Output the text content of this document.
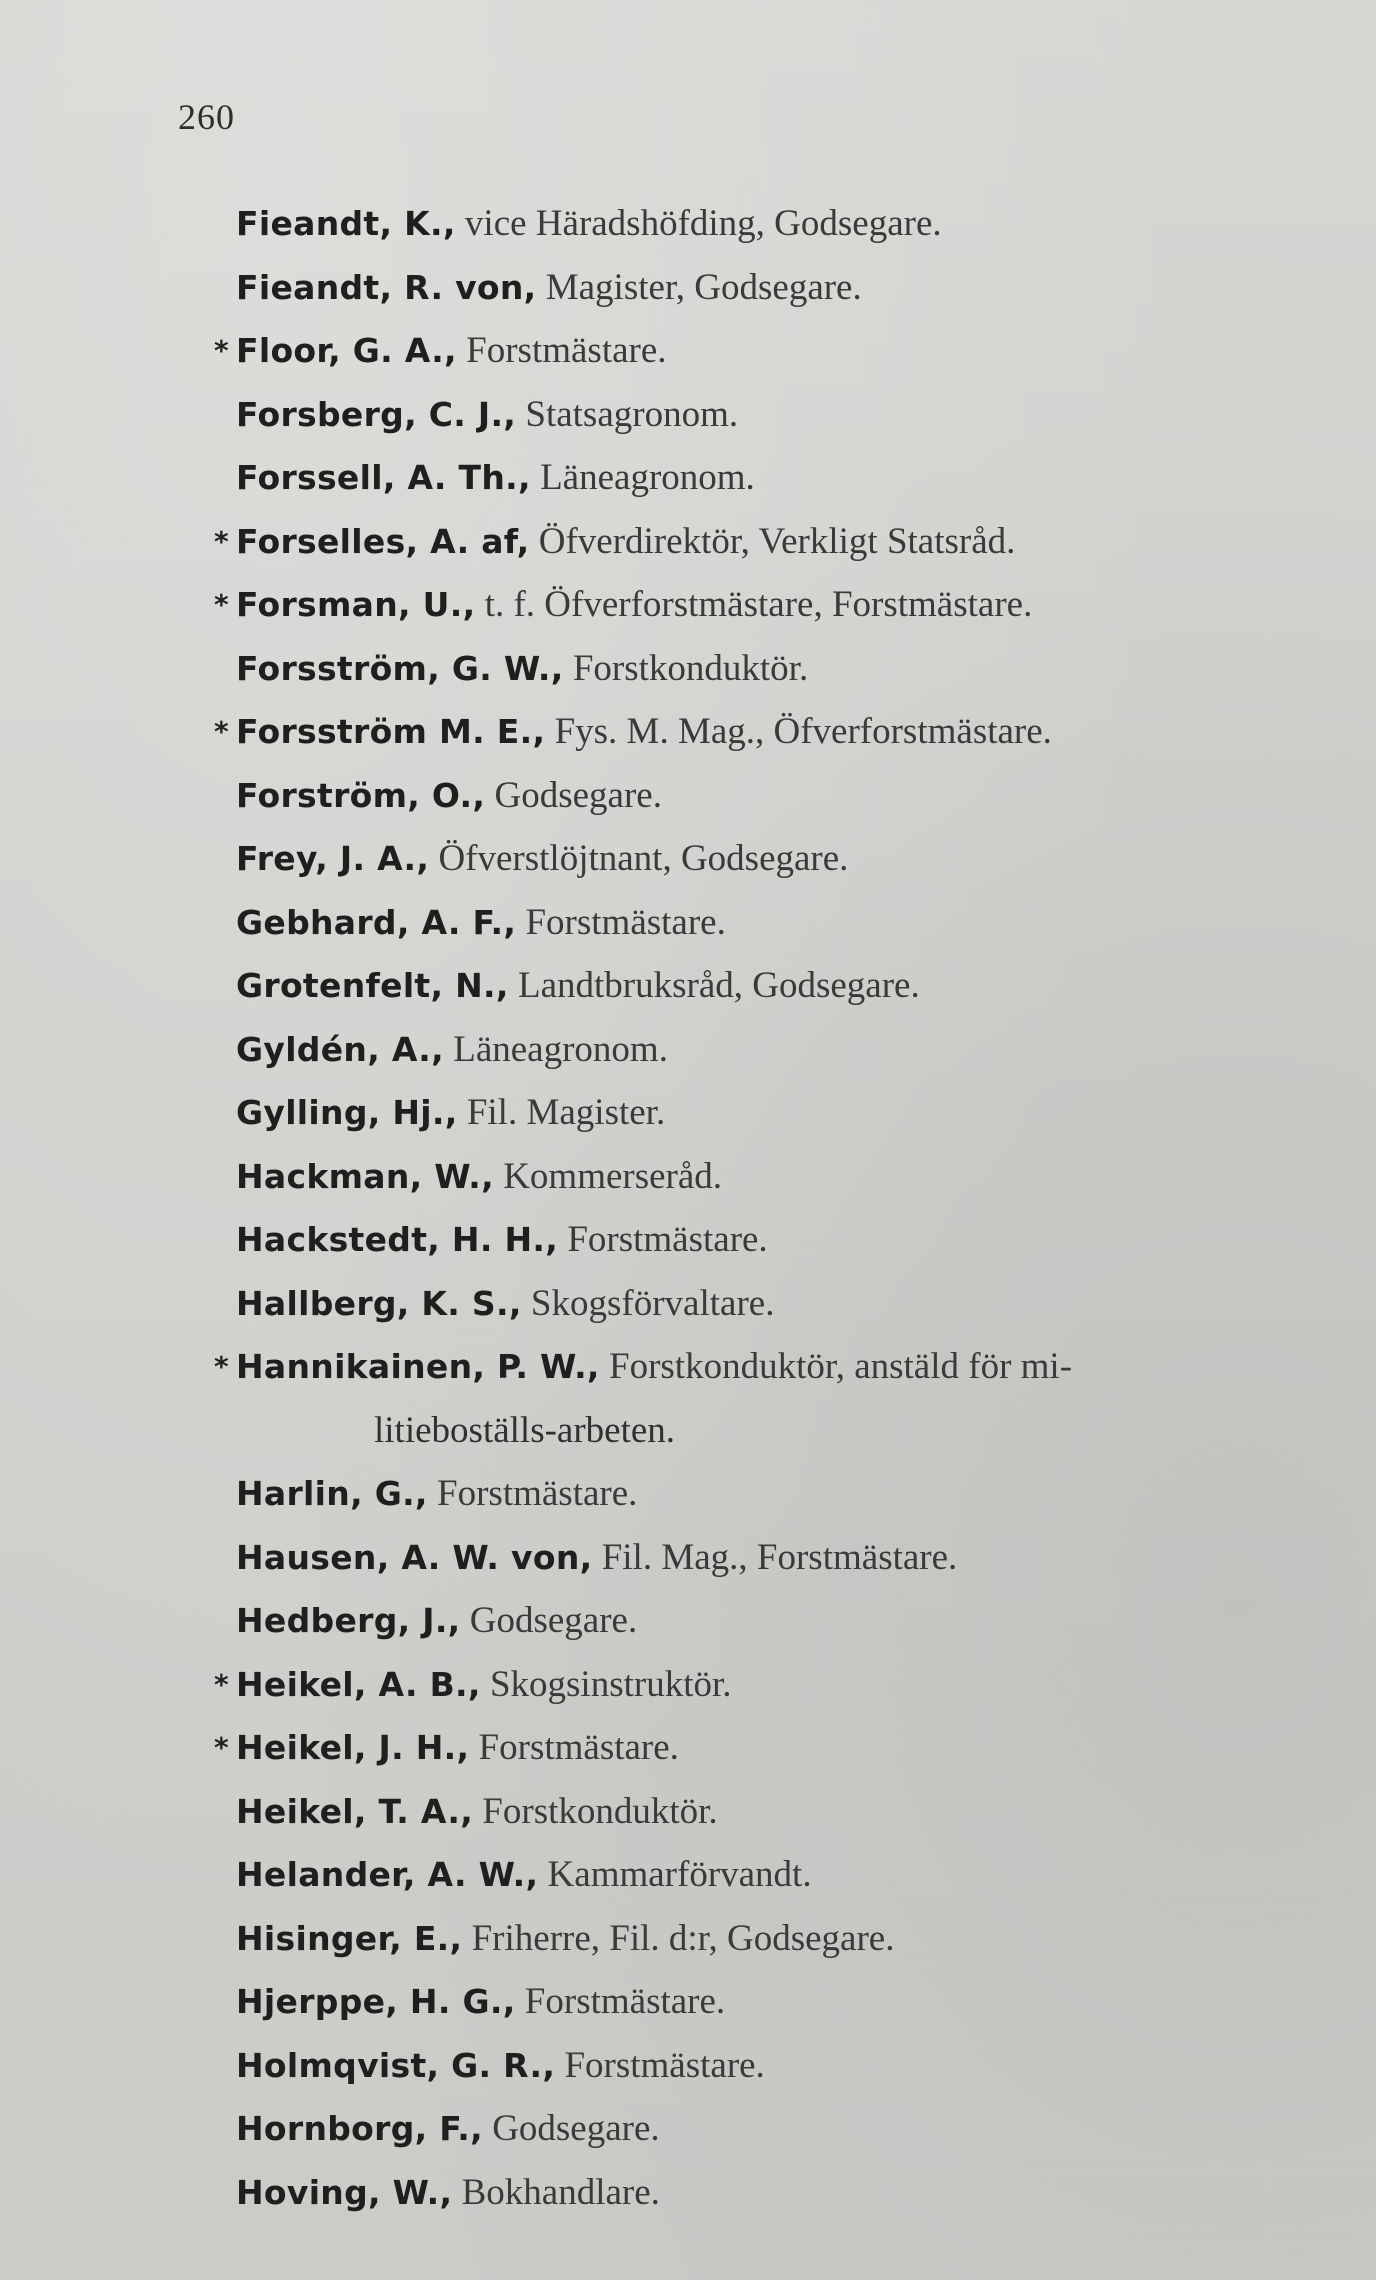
260
Fieandt, K., vice Häradshöfding, Godsegare.
Fieandt, R. von, Magister, Godsegare.
* Floor, G. A., Forstmästare.
Forsberg, C. J., Statsagronom.
Forssell, A. Th., Läneagronom.
* Forselles, A. af, Öfverdirektör, Verkligt Statsråd.
* Forsman, U., t. f. Öfverforstmästare, Forstmästare.
Forsström, G. W., Forstkonduktör.
* Forsström M. E., Fys. M. Mag., Öfverforstmästare.
Forström, O., Godsegare.
Frey, J. A., Öfverstlöjtnant, Godsegare.
Gebhard, A. F., Forstmästare.
Grotenfelt, N., Landtbruksråd, Godsegare.
Gyldén, A., Läneagronom.
Gylling, Hj., Fil. Magister.
Hackman, W., Kommerseråd.
Hackstedt, H. H., Forstmästare.
Hallberg, K. S., Skogsförvaltare.
* Hannikainen, P. W., Forstkonduktör, anstäld för mi-
litieboställs-arbeten.
Harlin, G., Forstmästare.
Hausen, A. W. von, Fil. Mag., Forstmästare.
Hedberg, J., Godsegare.
* Heikel, A. B., Skogsinstruktör.
* Heikel, J. H., Forstmästare.
Heikel, T. A., Forstkonduktör.
Helander, A. W., Kammarförvandt.
Hisinger, E., Friherre, Fil. d:r, Godsegare.
Hjerppe, H. G., Forstmästare.
Holmqvist, G. R., Forstmästare.
Hornborg, F., Godsegare.
Hoving, W., Bokhandlare.
